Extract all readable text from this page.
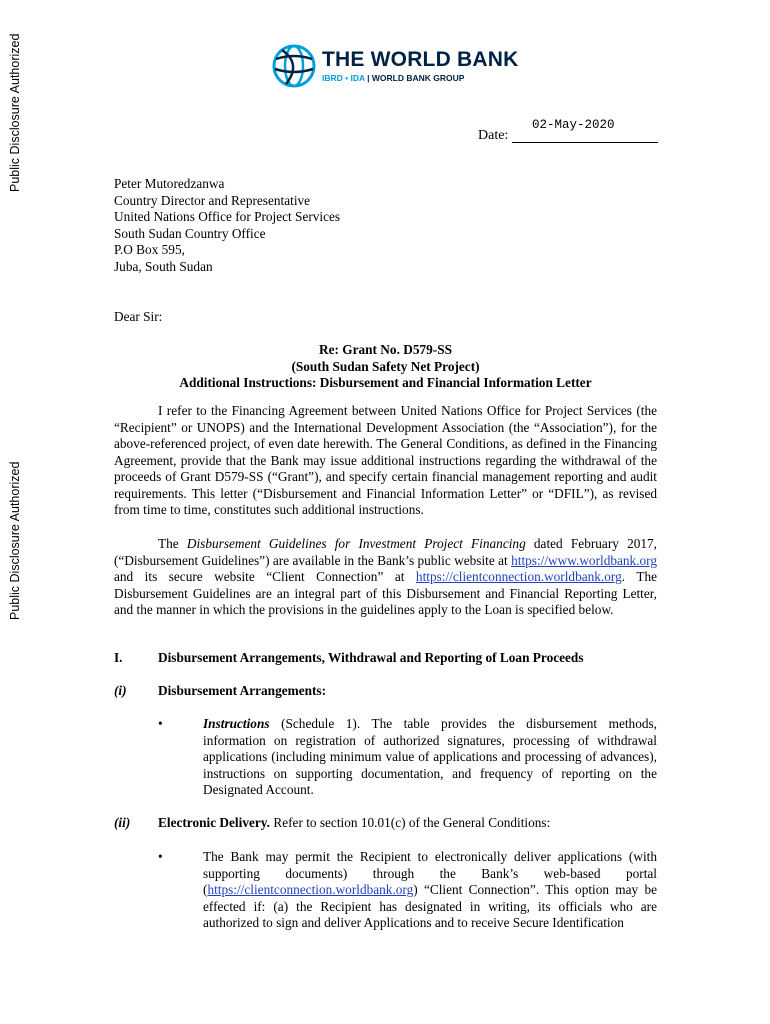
Public Disclosure Authorized
Public Disclosure Authorized
THE WORLD BANK
IBRD • IDA | WORLD BANK GROUP
Date:
02-May-2020
Peter Mutoredzanwa
Country Director and Representative
United Nations Office for Project Services
South Sudan Country Office
P.O Box 595,
Juba, South Sudan
Dear Sir:
Re: Grant No. D579-SS
(South Sudan Safety Net Project)
Additional Instructions: Disbursement and Financial Information Letter
I refer to the Financing Agreement between United Nations Office for Project Services (the “Recipient” or UNOPS) and the International Development Association (the “Association”), for the above-referenced project, of even date herewith. The General Conditions, as defined in the Financing Agreement, provide that the Bank may issue additional instructions regarding the withdrawal of the proceeds of Grant D579-SS (“Grant”), and specify certain financial management reporting and audit requirements. This letter (“Disbursement and Financial Information Letter” or “DFIL”), as revised from time to time, constitutes such additional instructions.
The Disbursement Guidelines for Investment Project Financing dated February 2017, (“Disbursement Guidelines”) are available in the Bank’s public website at https://www.worldbank.org and its secure website “Client Connection” at https://clientconnection.worldbank.org. The Disbursement Guidelines are an integral part of this Disbursement and Financial Reporting Letter, and the manner in which the provisions in the guidelines apply to the Loan is specified below.
I.	Disbursement Arrangements, Withdrawal and Reporting of Loan Proceeds
(i) Disbursement Arrangements:
•	Instructions (Schedule 1). The table provides the disbursement methods, information on registration of authorized signatures, processing of withdrawal applications (including minimum value of applications and processing of advances), instructions on supporting documentation, and frequency of reporting on the Designated Account.
(ii) Electronic Delivery. Refer to section 10.01(c) of the General Conditions:
•	The Bank may permit the Recipient to electronically deliver applications (with supporting documents) through the Bank’s web-based portal (https://clientconnection.worldbank.org) “Client Connection”. This option may be effected if: (a) the Recipient has designated in writing, its officials who are authorized to sign and deliver Applications and to receive Secure Identification
